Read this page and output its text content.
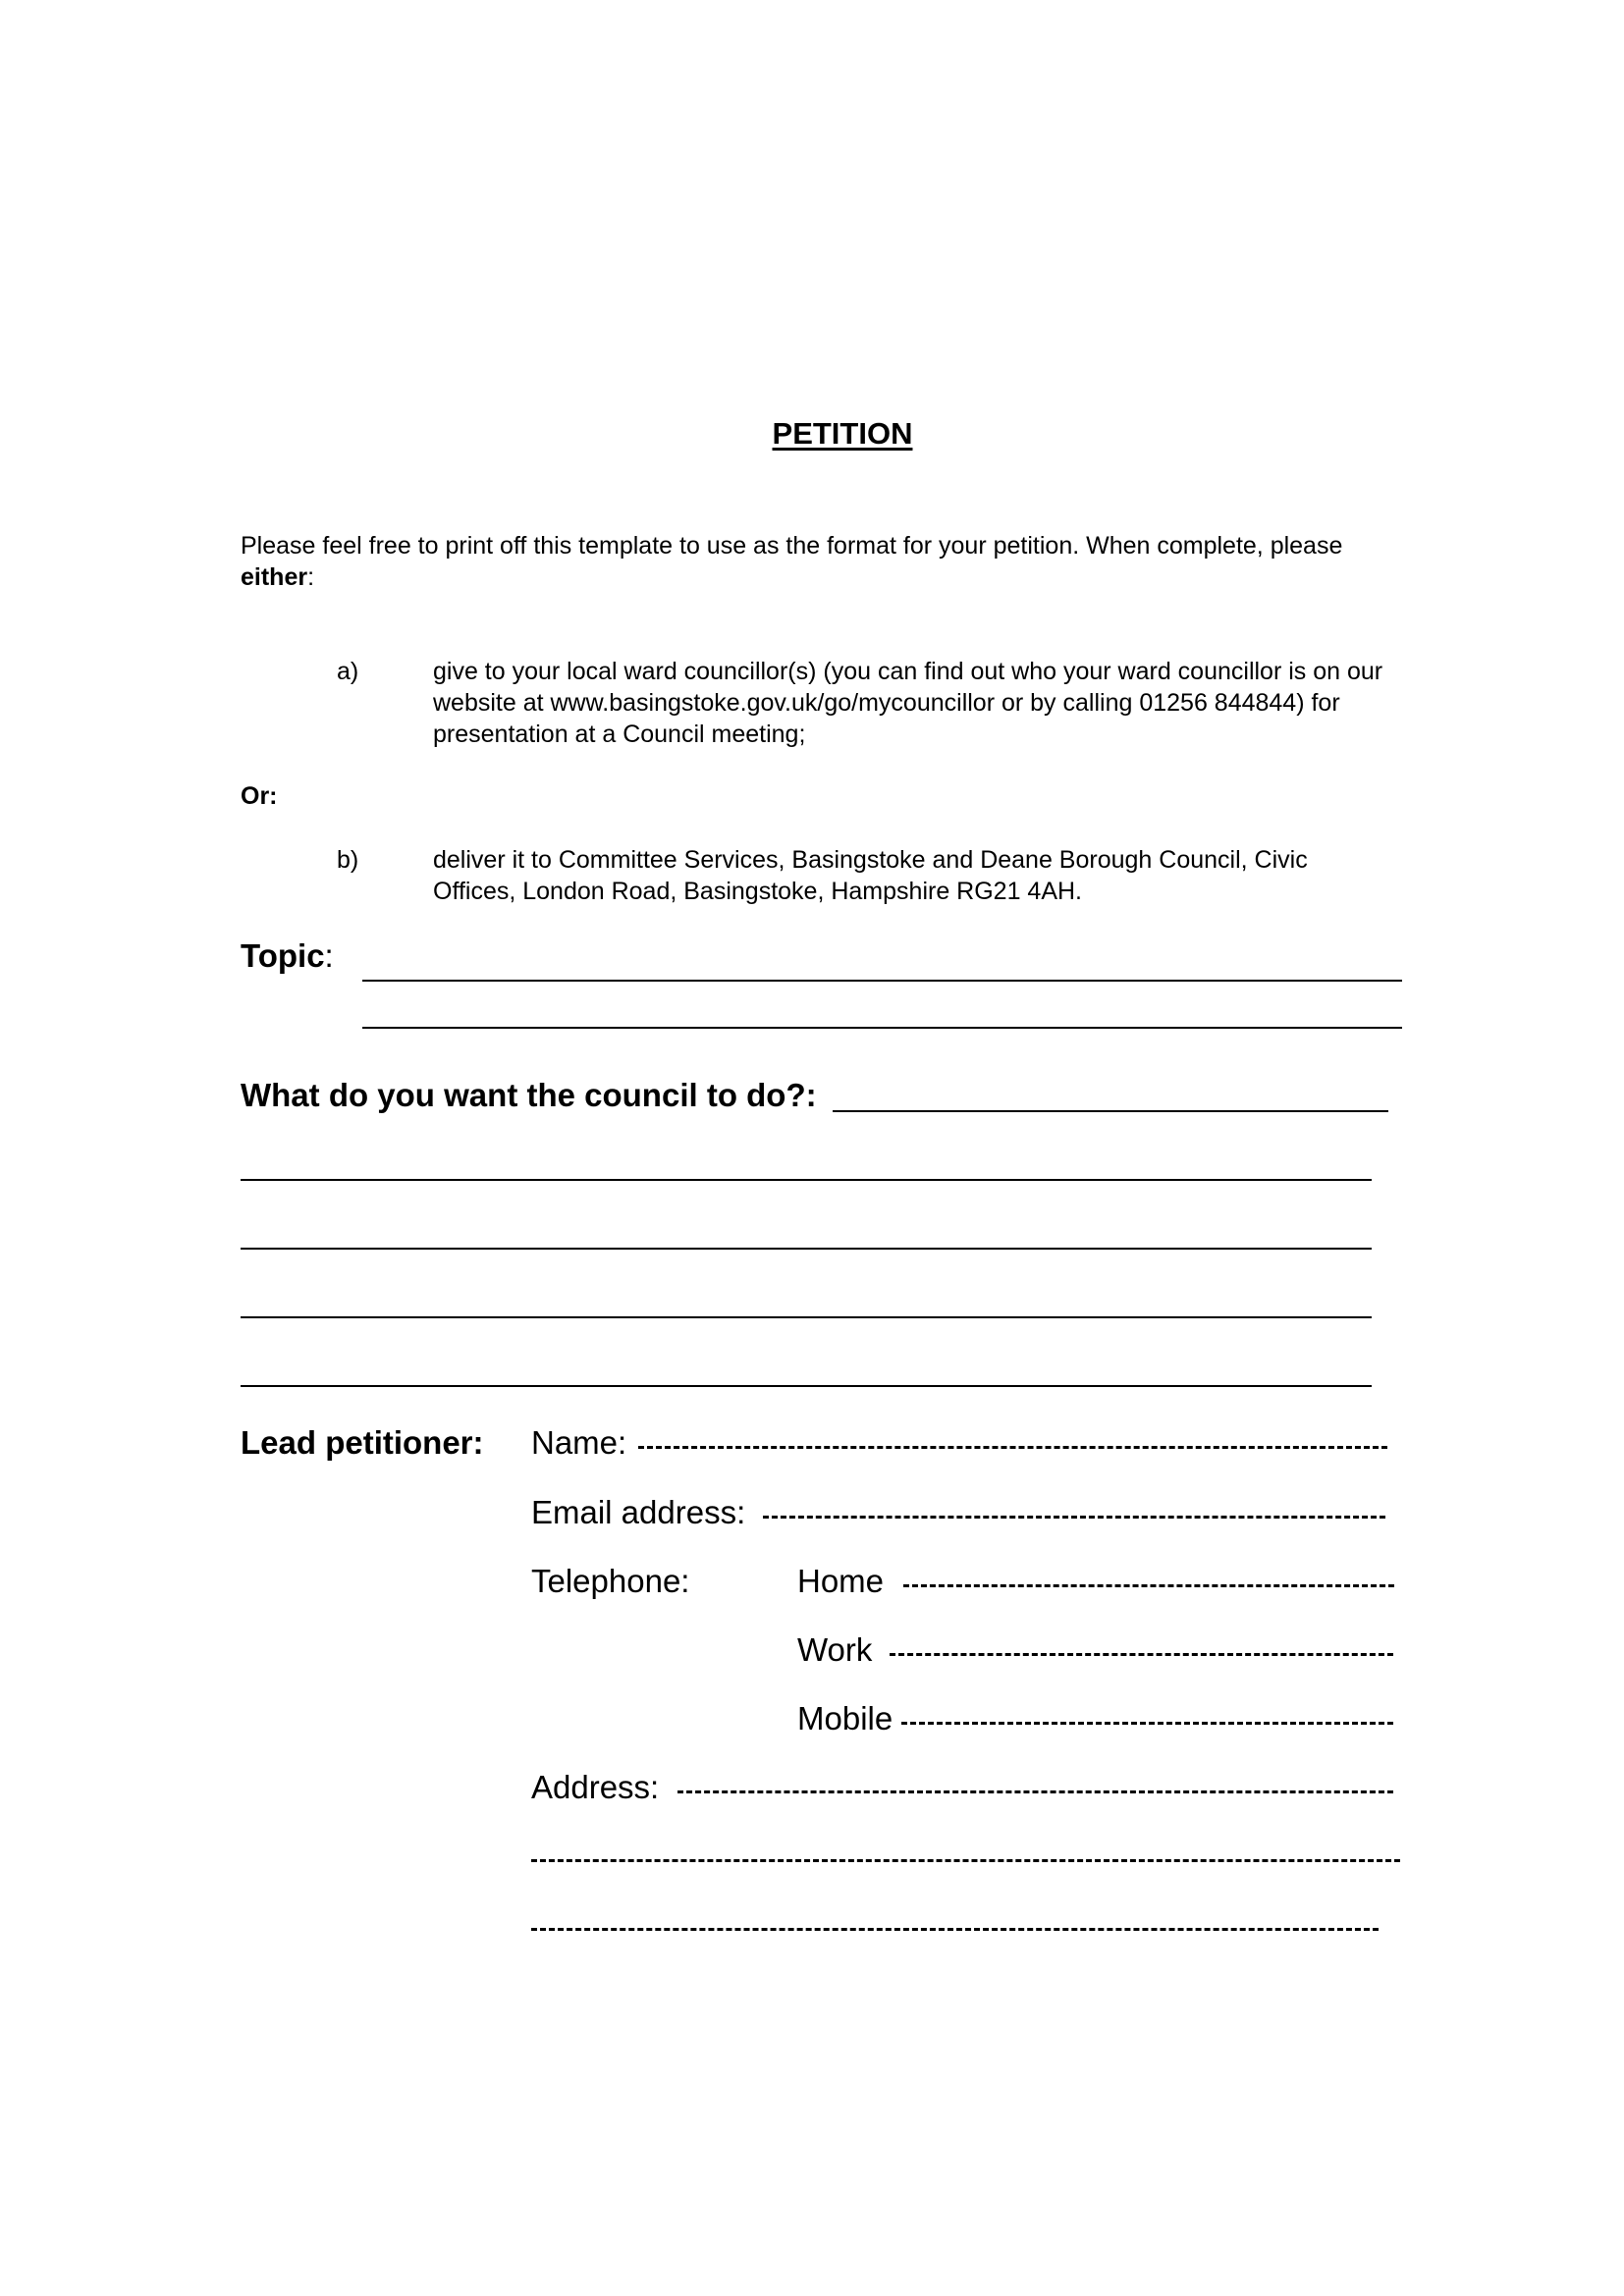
PETITION
Please feel free to print off this template to use as the format for your petition. When complete, please either:
a)	give to your local ward councillor(s) (you can find out who your ward councillor is on our website at www.basingstoke.gov.uk/go/mycouncillor or by calling 01256 844844) for presentation at a Council meeting;
Or:
b)	deliver it to Committee Services, Basingstoke and Deane Borough Council, Civic Offices, London Road, Basingstoke, Hampshire RG21 4AH.
Topic:
What do you want the council to do?:
Lead petitioner: Name:
Email address:
Telephone:	Home
Work
Mobile
Address:
